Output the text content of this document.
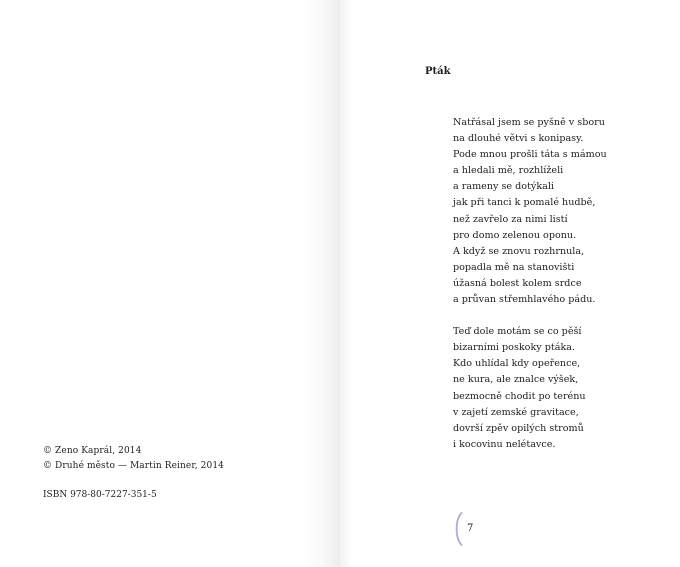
© Zeno Kaprál, 2014
© Druhé město — Martin Reiner, 2014
ISBN 978-80-7227-351-5
Pták
Natřásal jsem se pyšně v sboru
na dlouhé větvi s konipasy.
Pode mnou prošli táta s mámou
a hledali mě, rozhlíželi
a rameny se dotýkali
jak při tanci k pomalé hudbě,
než zavřelo za nimi listí
pro domo zelenou oponu.
A když se znovu rozhrnula,
popadla mě na stanovišti
úžasná bolest kolem srdce
a průvan střemhlavého pádu.
Teď dole motám se co pěší
bizarními poskoky ptáka.
Kdo uhlídal kdy opeřence,
ne kura, ale znalce výšek,
bezmocně chodit po terénu
v zajetí zemské gravitace,
dovrší zpěv opilých stromů
i kocovinu nelétavce.
7
